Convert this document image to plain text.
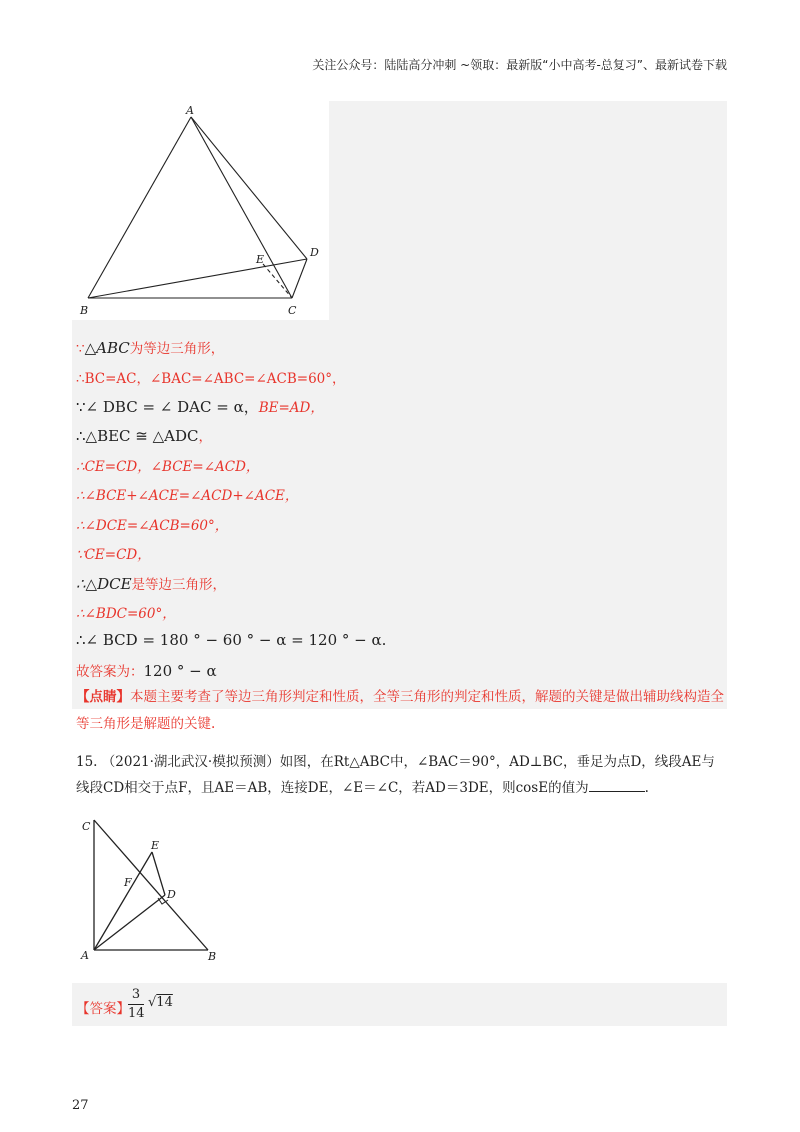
关注公众号：陆陆高分冲刺 ~领取：最新版“小中高考-总复习”、最新试卷下载
A
B	C
D
E
∵△ABC为等边三角形，
∴BC=AC，∠BAC=∠ABC=∠ACB=60°，
∵∠ DBC = ∠ DAC = α，BE=AD，
∴△BEC ≅ △ADC，
∴CE=CD，∠BCE=∠ACD，
∴∠BCE+∠ACE=∠ACD+∠ACE，
∴∠DCE=∠ACB=60°，
∵CE=CD，
∴△DCE是等边三角形，
∴∠BDC=60°，
∴∠ BCD = 180 ° − 60 ° − α = 120 ° − α.
故答案为：120 ° − α
【点睛】本题主要考查了等边三角形判定和性质，全等三角形的判定和性质，解题的关键是做出辅助线构造全等三角形是解题的关键.
15. （2021·湖北武汉·模拟预测）如图，在Rt△ABC中，∠BAC＝90°，AD⊥BC，垂足为点D，线段AE与线段CD相交于点F，且AE＝AB，连接DE，∠E＝∠C，若AD＝3DE，则cosE的值为	.
C
E
F
D
A	B
【答案】
3
14
√14
27
